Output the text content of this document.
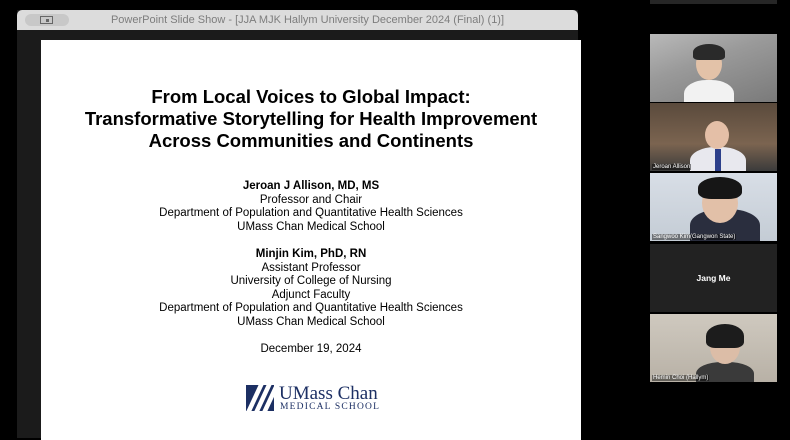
PowerPoint Slide Show - [JJA MJK Hallym University December 2024 (Final) (1)]
From Local Voices to Global Impact:
Transformative Storytelling for Health Improvement
Across Communities and Continents
Jeroan J Allison, MD, MS
Professor and Chair
Department of Population and Quantitative Health Sciences
UMass Chan Medical School
Minjin Kim, PhD, RN
Assistant Professor
University of College of Nursing
Adjunct Faculty
Department of Population and Quantitative Health Sciences
UMass Chan Medical School
December 19, 2024
UMass Chan
MEDICAL SCHOOL
Jeroan Allison
Sangwoo Kim(Gangwon State)
Jang Me
Hemin Choi (Hallym)
